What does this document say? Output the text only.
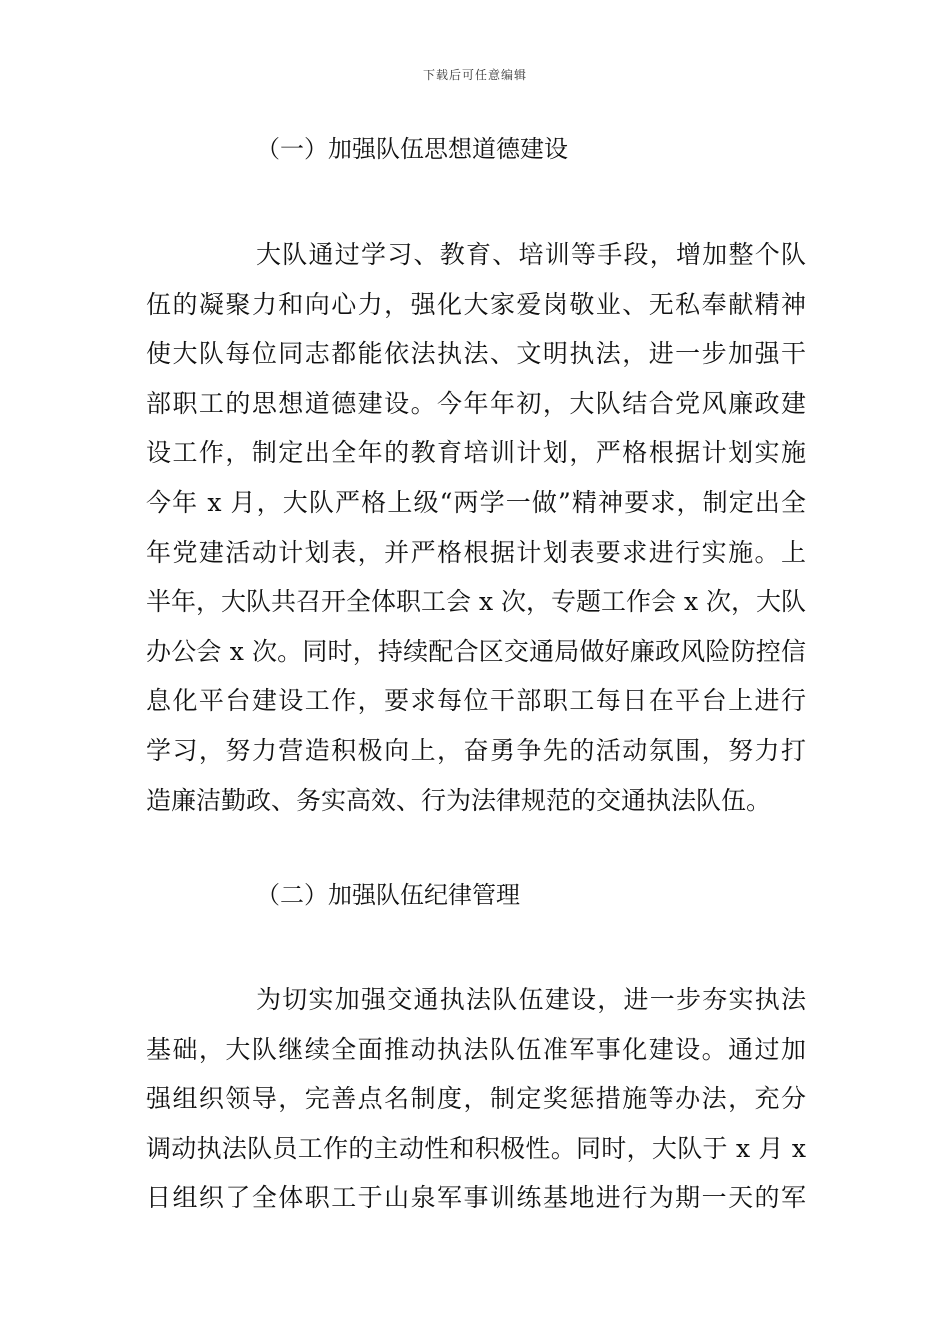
下载后可任意编辑
（一）加强队伍思想道德建设
大队通过学习、教育、培训等手段，增加整个队
伍的凝聚力和向心力，强化大家爱岗敬业、无私奉献精神
使大队每位同志都能依法执法、文明执法，进一步加强干
部职工的思想道德建设。今年年初，大队结合党风廉政建
设工作，制定出全年的教育培训计划，严格根据计划实施
今年 x 月，大队严格上级“两学一做”精神要求，制定出全
年党建活动计划表，并严格根据计划表要求进行实施。上
半年，大队共召开全体职工会 x 次，专题工作会 x 次，大队
办公会 x 次。同时，持续配合区交通局做好廉政风险防控信
息化平台建设工作，要求每位干部职工每日在平台上进行
学习，努力营造积极向上，奋勇争先的活动氛围，努力打
造廉洁勤政、务实高效、行为法律规范的交通执法队伍。
（二）加强队伍纪律管理
为切实加强交通执法队伍建设，进一步夯实执法
基础，大队继续全面推动执法队伍准军事化建设。通过加
强组织领导，完善点名制度，制定奖惩措施等办法，充分
调动执法队员工作的主动性和积极性。同时，大队于 x 月 x
日组织了全体职工于山泉军事训练基地进行为期一天的军
